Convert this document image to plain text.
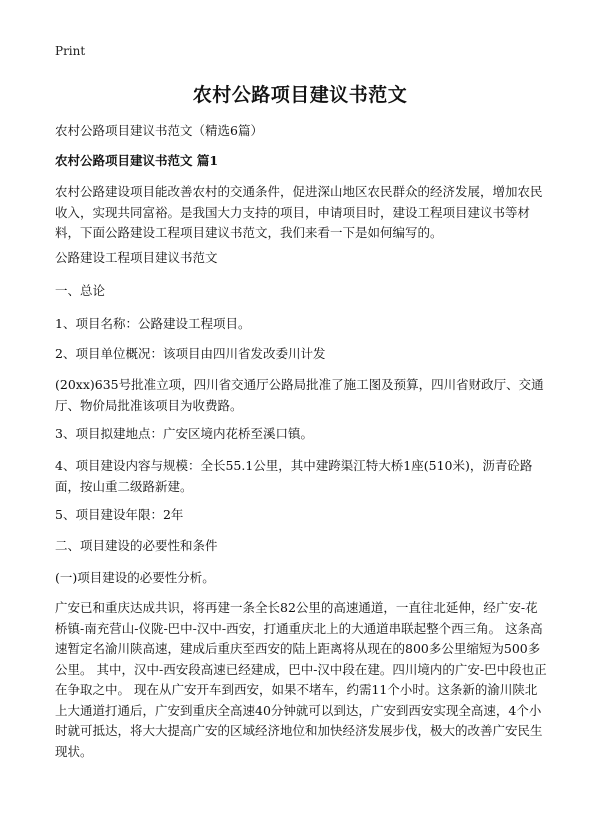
Print
农村公路项目建议书范文

农村公路项目建议书范文（精选6篇）

农村公路项目建议书范文 篇1

农村公路建设项目能改善农村的交通条件，促进深山地区农民群众的经济发展，增加农民收入，实现共同富裕。是我国大力支持的项目，申请项目时，建设工程项目建议书等材料，下面公路建设工程项目建议书范文，我们来看一下是如何编写的。

公路建设工程项目建议书范文

一、总论

1、项目名称：公路建设工程项目。

2、项目单位概况：该项目由四川省发改委川计发

(20xx)635号批准立项，四川省交通厅公路局批准了施工图及预算，四川省财政厅、交通厅、物价局批准该项目为收费路。

3、项目拟建地点：广安区境内花桥至溪口镇。

4、项目建设内容与规模：全长55.1公里，其中建跨渠江特大桥1座(510米)，沥青砼路面，按山重二级路新建。

5、项目建设年限：2年

二、项目建设的必要性和条件

(一)项目建设的必要性分析。

广安已和重庆达成共识，将再建一条全长82公里的高速通道，一直往北延伸，经广安-花桥镇-南充营山-仪陇-巴中-汉中-西安，打通重庆北上的大通道串联起整个西三角。 这条高速暂定名渝川陕高速，建成后重庆至西安的陆上距离将从现在的800多公里缩短为500多公里。 其中，汉中-西安段高速已经建成，巴中-汉中段在建。四川境内的广安-巴中段也正在争取之中。 现在从广安开车到西安，如果不堵车，约需11个小时。这条新的渝川陕北上大通道打通后，广安到重庆全高速40分钟就可以到达，广安到西安实现全高速，4个小时就可抵达，将大大提高广安的区域经济地位和加快经济发展步伐，极大的改善广安民生现状。
